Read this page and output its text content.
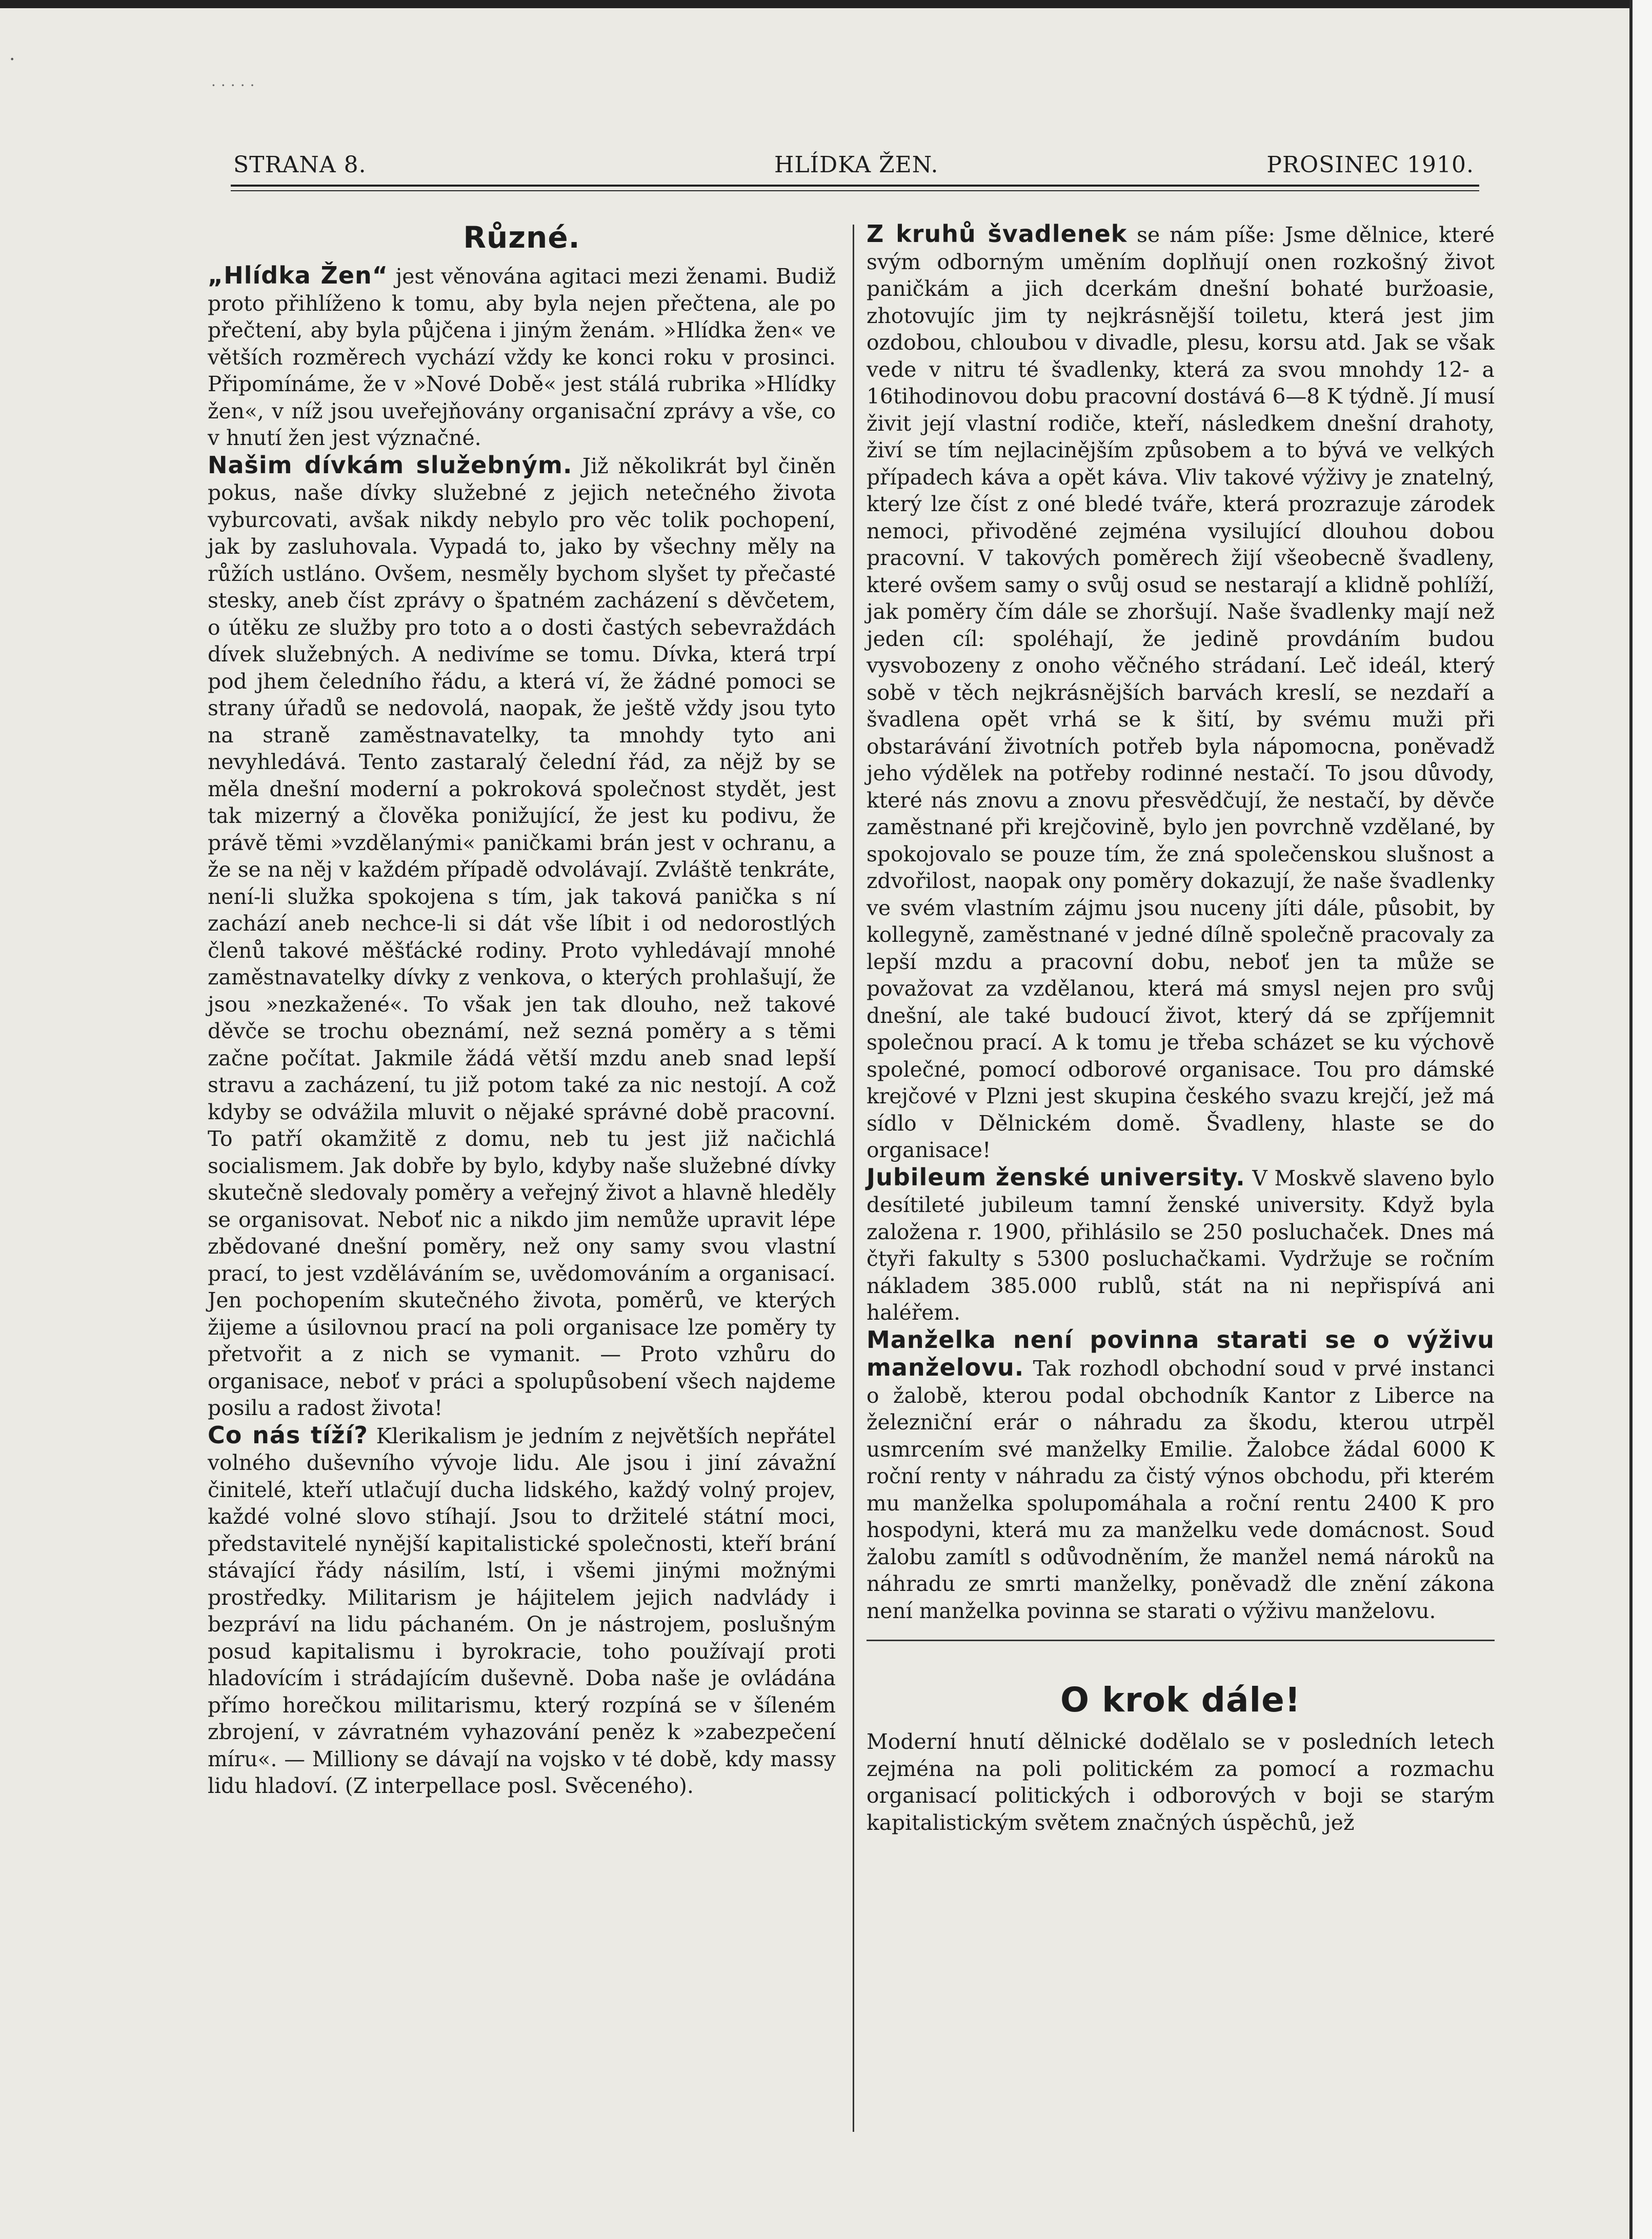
·
·····
STRANA 8.	HLÍDKA ŽEN.	PROSINEC 1910.
Různé.

„Hlídka Žen“ jest věnována agitaci mezi ženami. Budiž proto přihlíženo k tomu, aby byla nejen přečtena, ale po přečtení, aby byla půjčena i jiným ženám. »Hlídka žen« ve větších rozměrech vychází vždy ke konci roku v prosinci. Připomínáme, že v »Nové Době« jest stálá rubrika »Hlídky žen«, v níž jsou uveřejňovány organisační zprávy a vše, co v hnutí žen jest význačné.

Našim dívkám služebným. Již několikrát byl činěn pokus, naše dívky služebné z jejich netečného života vyburcovati, avšak nikdy nebylo pro věc tolik pochopení, jak by zasluhovala. Vypadá to, jako by všechny měly na růžích ustláno. Ovšem, nesměly bychom slyšet ty přečasté stesky, aneb číst zprávy o špatném zacházení s děvčetem, o útěku ze služby pro toto a o dosti častých sebevraždách dívek služebných. A nedivíme se tomu. Dívka, která trpí pod jhem čeledního řádu, a která ví, že žádné pomoci se strany úřadů se nedovolá, naopak, že ještě vždy jsou tyto na straně zaměstnavatelky, ta mnohdy tyto ani nevyhledává. Tento zastaralý čelední řád, za nějž by se měla dnešní moderní a pokroková společnost stydět, jest tak mizerný a člověka ponižující, že jest ku podivu, že právě těmi »vzdělanými« paničkami brán jest v ochranu, a že se na něj v každém případě odvolávají. Zvláště tenkráte, není-li služka spokojena s tím, jak taková panička s ní zachází aneb nechce-li si dát vše líbit i od nedorostlých členů takové měšťácké rodiny. Proto vyhledávají mnohé zaměstnavatelky dívky z venkova, o kterých prohlašují, že jsou »nezkažené«. To však jen tak dlouho, než takové děvče se trochu obeznámí, než sezná poměry a s těmi začne počítat. Jakmile žádá větší mzdu aneb snad lepší stravu a zacházení, tu již potom také za nic nestojí. A což kdyby se odvážila mluvit o nějaké správné době pracovní. To patří okamžitě z domu, neb tu jest již načichlá socialismem. Jak dobře by bylo, kdyby naše služebné dívky skutečně sledovaly poměry a veřejný život a hlavně hleděly se organisovat. Neboť nic a nikdo jim nemůže upravit lépe zbědované dnešní poměry, než ony samy svou vlastní prací, to jest vzděláváním se, uvědomováním a organisací. Jen pochopením skutečného života, poměrů, ve kterých žijeme a úsilovnou prací na poli organisace lze poměry ty přetvořit a z nich se vymanit. — Proto vzhůru do organisace, neboť v práci a spolupůsobení všech najdeme posilu a radost života!

Co nás tíží? Klerikalism je jedním z největších nepřátel volného duševního vývoje lidu. Ale jsou i jiní závažní činitelé, kteří utlačují ducha lidského, každý volný projev, každé volné slovo stíhají. Jsou to držitelé státní moci, představitelé nynější kapitalistické společnosti, kteří brání stávající řády násilím, lstí, i všemi jinými možnými prostředky. Militarism je hájitelem jejich nadvlády i bezpráví na lidu páchaném. On je nástrojem, poslušným posud kapitalismu i byrokracie, toho používají proti hladovícím i strádajícím duševně. Doba naše je ovládána přímo horečkou militarismu, který rozpíná se v šíleném zbrojení, v závratném vyhazování peněz k »zabezpečení míru«. — Milliony se dávají na vojsko v té době, kdy massy lidu hladoví. (Z interpellace posl. Svěceného).

Z kruhů švadlenek se nám píše: Jsme dělnice, které svým odborným uměním doplňují onen rozkošný život paničkám a jich dcerkám dnešní bohaté buržoasie, zhotovujíc jim ty nejkrásnější toiletu, která jest jim ozdobou, chloubou v divadle, plesu, korsu atd. Jak se však vede v nitru té švadlenky, která za svou mnohdy 12- a 16tihodinovou dobu pracovní dostává 6—8 K týdně. Jí musí živit její vlastní rodiče, kteří, následkem dnešní drahoty, živí se tím nejlacinějším způsobem a to bývá ve velkých případech káva a opět káva. Vliv takové výživy je znatelný, který lze číst z oné bledé tváře, která prozrazuje zárodek nemoci, přivoděné zejména vysilující dlouhou dobou pracovní. V takových poměrech žijí všeobecně švadleny, které ovšem samy o svůj osud se nestarají a klidně pohlíží, jak poměry čím dále se zhoršují. Naše švadlenky mají než jeden cíl: spoléhají, že jedině provdáním budou vysvobozeny z onoho věčného strádaní. Leč ideál, který sobě v těch nejkrásnějších barvách kreslí, se nezdaří a švadlena opět vrhá se k šití, by svému muži při obstarávání životních potřeb byla nápomocna, poněvadž jeho výdělek na potřeby rodinné nestačí. To jsou důvody, které nás znovu a znovu přesvědčují, že nestačí, by děvče zaměstnané při krejčovině, bylo jen povrchně vzdělané, by spokojovalo se pouze tím, že zná společenskou slušnost a zdvořilost, naopak ony poměry dokazují, že naše švadlenky ve svém vlastním zájmu jsou nuceny jíti dále, působit, by kollegyně, zaměstnané v jedné dílně společně pracovaly za lepší mzdu a pracovní dobu, neboť jen ta může se považovat za vzdělanou, která má smysl nejen pro svůj dnešní, ale také budoucí život, který dá se zpříjemnit společnou prací. A k tomu je třeba scházet se ku výchově společné, pomocí odborové organisace. Tou pro dámské krejčové v Plzni jest skupina českého svazu krejčí, jež má sídlo v Dělnickém domě. Švadleny, hlaste se do organisace!

Jubileum ženské university. V Moskvě slaveno bylo desítileté jubileum tamní ženské university. Když byla založena r. 1900, přihlásilo se 250 posluchaček. Dnes má čtyři fakulty s 5300 posluchačkami. Vydržuje se ročním nákladem 385.000 rublů, stát na ni nepřispívá ani haléřem.

Manželka není povinna starati se o výživu manželovu. Tak rozhodl obchodní soud v prvé instanci o žalobě, kterou podal obchodník Kantor z Liberce na železniční erár o náhradu za škodu, kterou utrpěl usmrcením své manželky Emilie. Žalobce žádal 6000 K roční renty v náhradu za čistý výnos obchodu, při kterém mu manželka spolupomáhala a roční rentu 2400 K pro hospodyni, která mu za manželku vede domácnost. Soud žalobu zamítl s odůvodněním, že manžel nemá nároků na náhradu ze smrti manželky, poněvadž dle znění zákona není manželka povinna se starati o výživu manželovu.

O krok dále!

Moderní hnutí dělnické dodělalo se v posledních letech zejména na poli politickém za pomocí a rozmachu organisací politických i odborových v boji se starým kapitalistickým světem značných úspěchů, jež
